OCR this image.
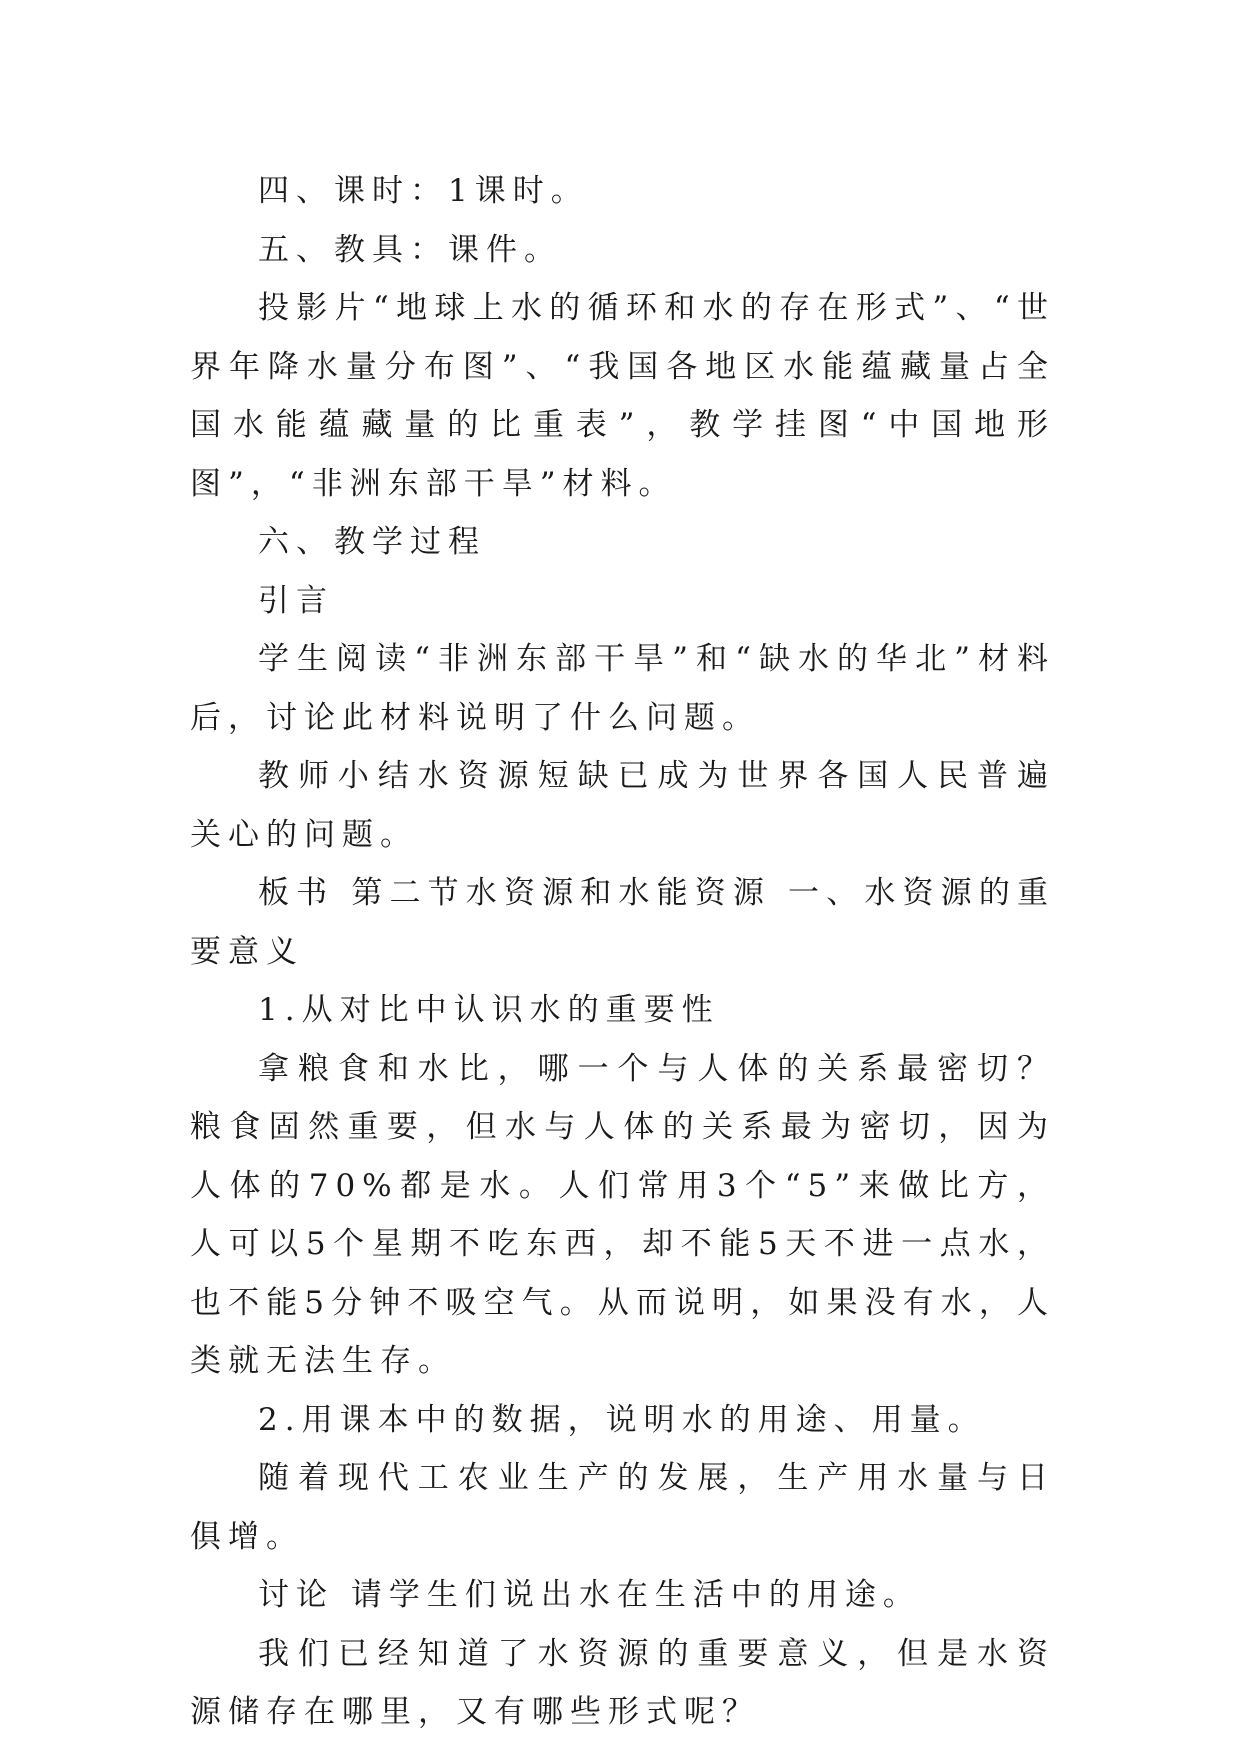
四、课时：1课时。

五、教具：课件。

投影片“地球上水的循环和水的存在形式”、“世界年降水量分布图”、“我国各地区水能蕴藏量占全国水能蕴藏量的比重表”，教学挂图“中国地形图”，“非洲东部干旱”材料。

六、教学过程

引言

学生阅读“非洲东部干旱”和“缺水的华北”材料后，讨论此材料说明了什么问题。

教师小结水资源短缺已成为世界各国人民普遍关心的问题。

板书 第二节水资源和水能资源 一、水资源的重要意义

1.从对比中认识水的重要性

拿粮食和水比，哪一个与人体的关系最密切？粮食固然重要，但水与人体的关系最为密切，因为人体的70%都是水。人们常用3个“5”来做比方，人可以5个星期不吃东西，却不能5天不进一点水，也不能5分钟不吸空气。从而说明，如果没有水，人类就无法生存。

2.用课本中的数据，说明水的用途、用量。

随着现代工农业生产的发展，生产用水量与日俱增。

讨论 请学生们说出水在生活中的用途。

我们已经知道了水资源的重要意义，但是水资源储存在哪里，又有哪些形式呢？
